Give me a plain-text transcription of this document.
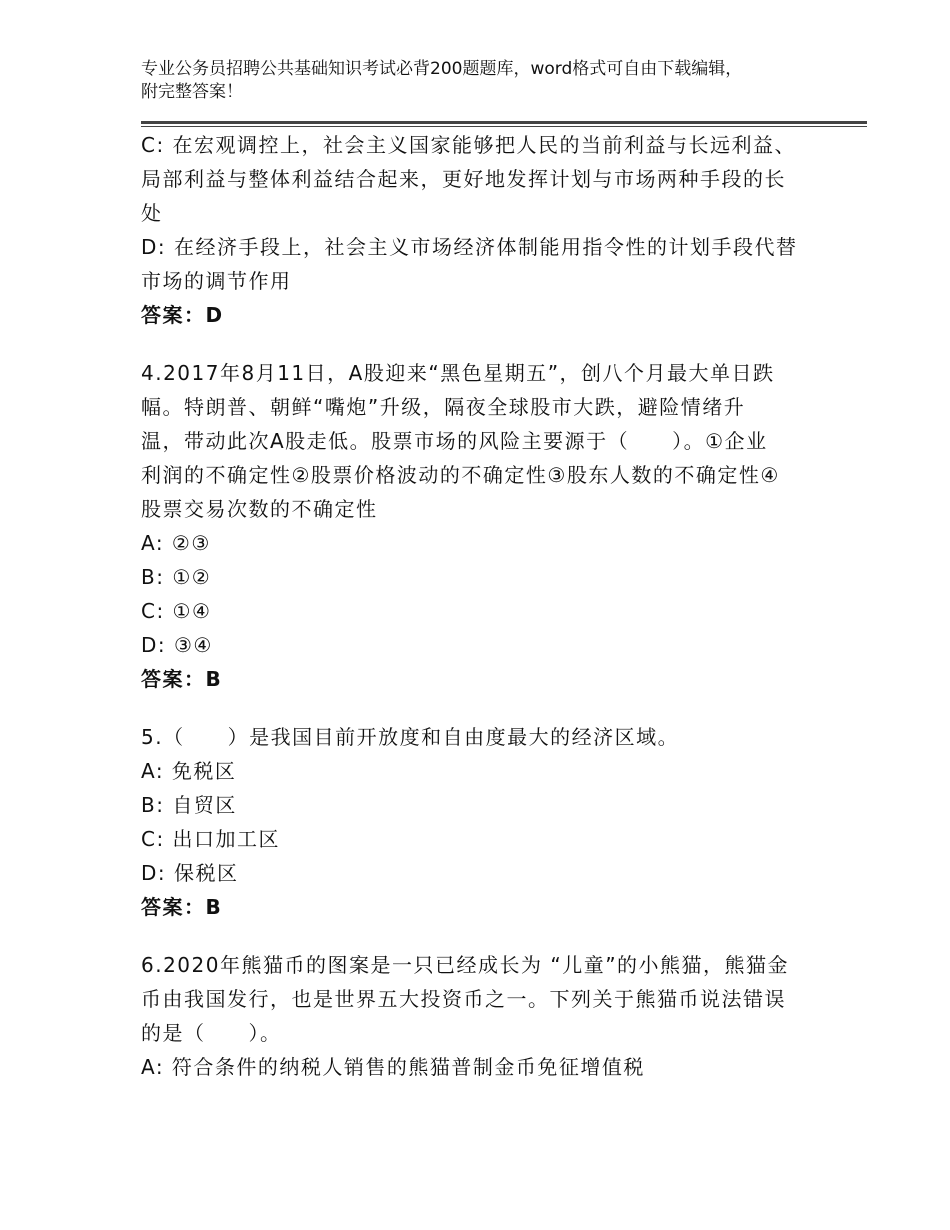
专业公务员招聘公共基础知识考试必背200题题库，word格式可自由下载编辑，
附完整答案！
C: 在宏观调控上，社会主义国家能够把人民的当前利益与长远利益、
局部利益与整体利益结合起来，更好地发挥计划与市场两种手段的长
处
D: 在经济手段上，社会主义市场经济体制能用指令性的计划手段代替
市场的调节作用
答案：D
4.2017年8月11日，A股迎来“黑色星期五”，创八个月最大单日跌
幅。特朗普、朝鲜“嘴炮”升级，隔夜全球股市大跌，避险情绪升
温，带动此次A股走低。股票市场的风险主要源于（　　）。①企业
利润的不确定性②股票价格波动的不确定性③股东人数的不确定性④
股票交易次数的不确定性
A: ②③
B: ①②
C: ①④
D: ③④
答案：B
5.（　　）是我国目前开放度和自由度最大的经济区域。
A: 免税区
B: 自贸区
C: 出口加工区
D: 保税区
答案：B
6.2020年熊猫币的图案是一只已经成长为 “儿童”的小熊猫，熊猫金
币由我国发行，也是世界五大投资币之一。下列关于熊猫币说法错误
的是（　　）。
A: 符合条件的纳税人销售的熊猫普制金币免征增值税
